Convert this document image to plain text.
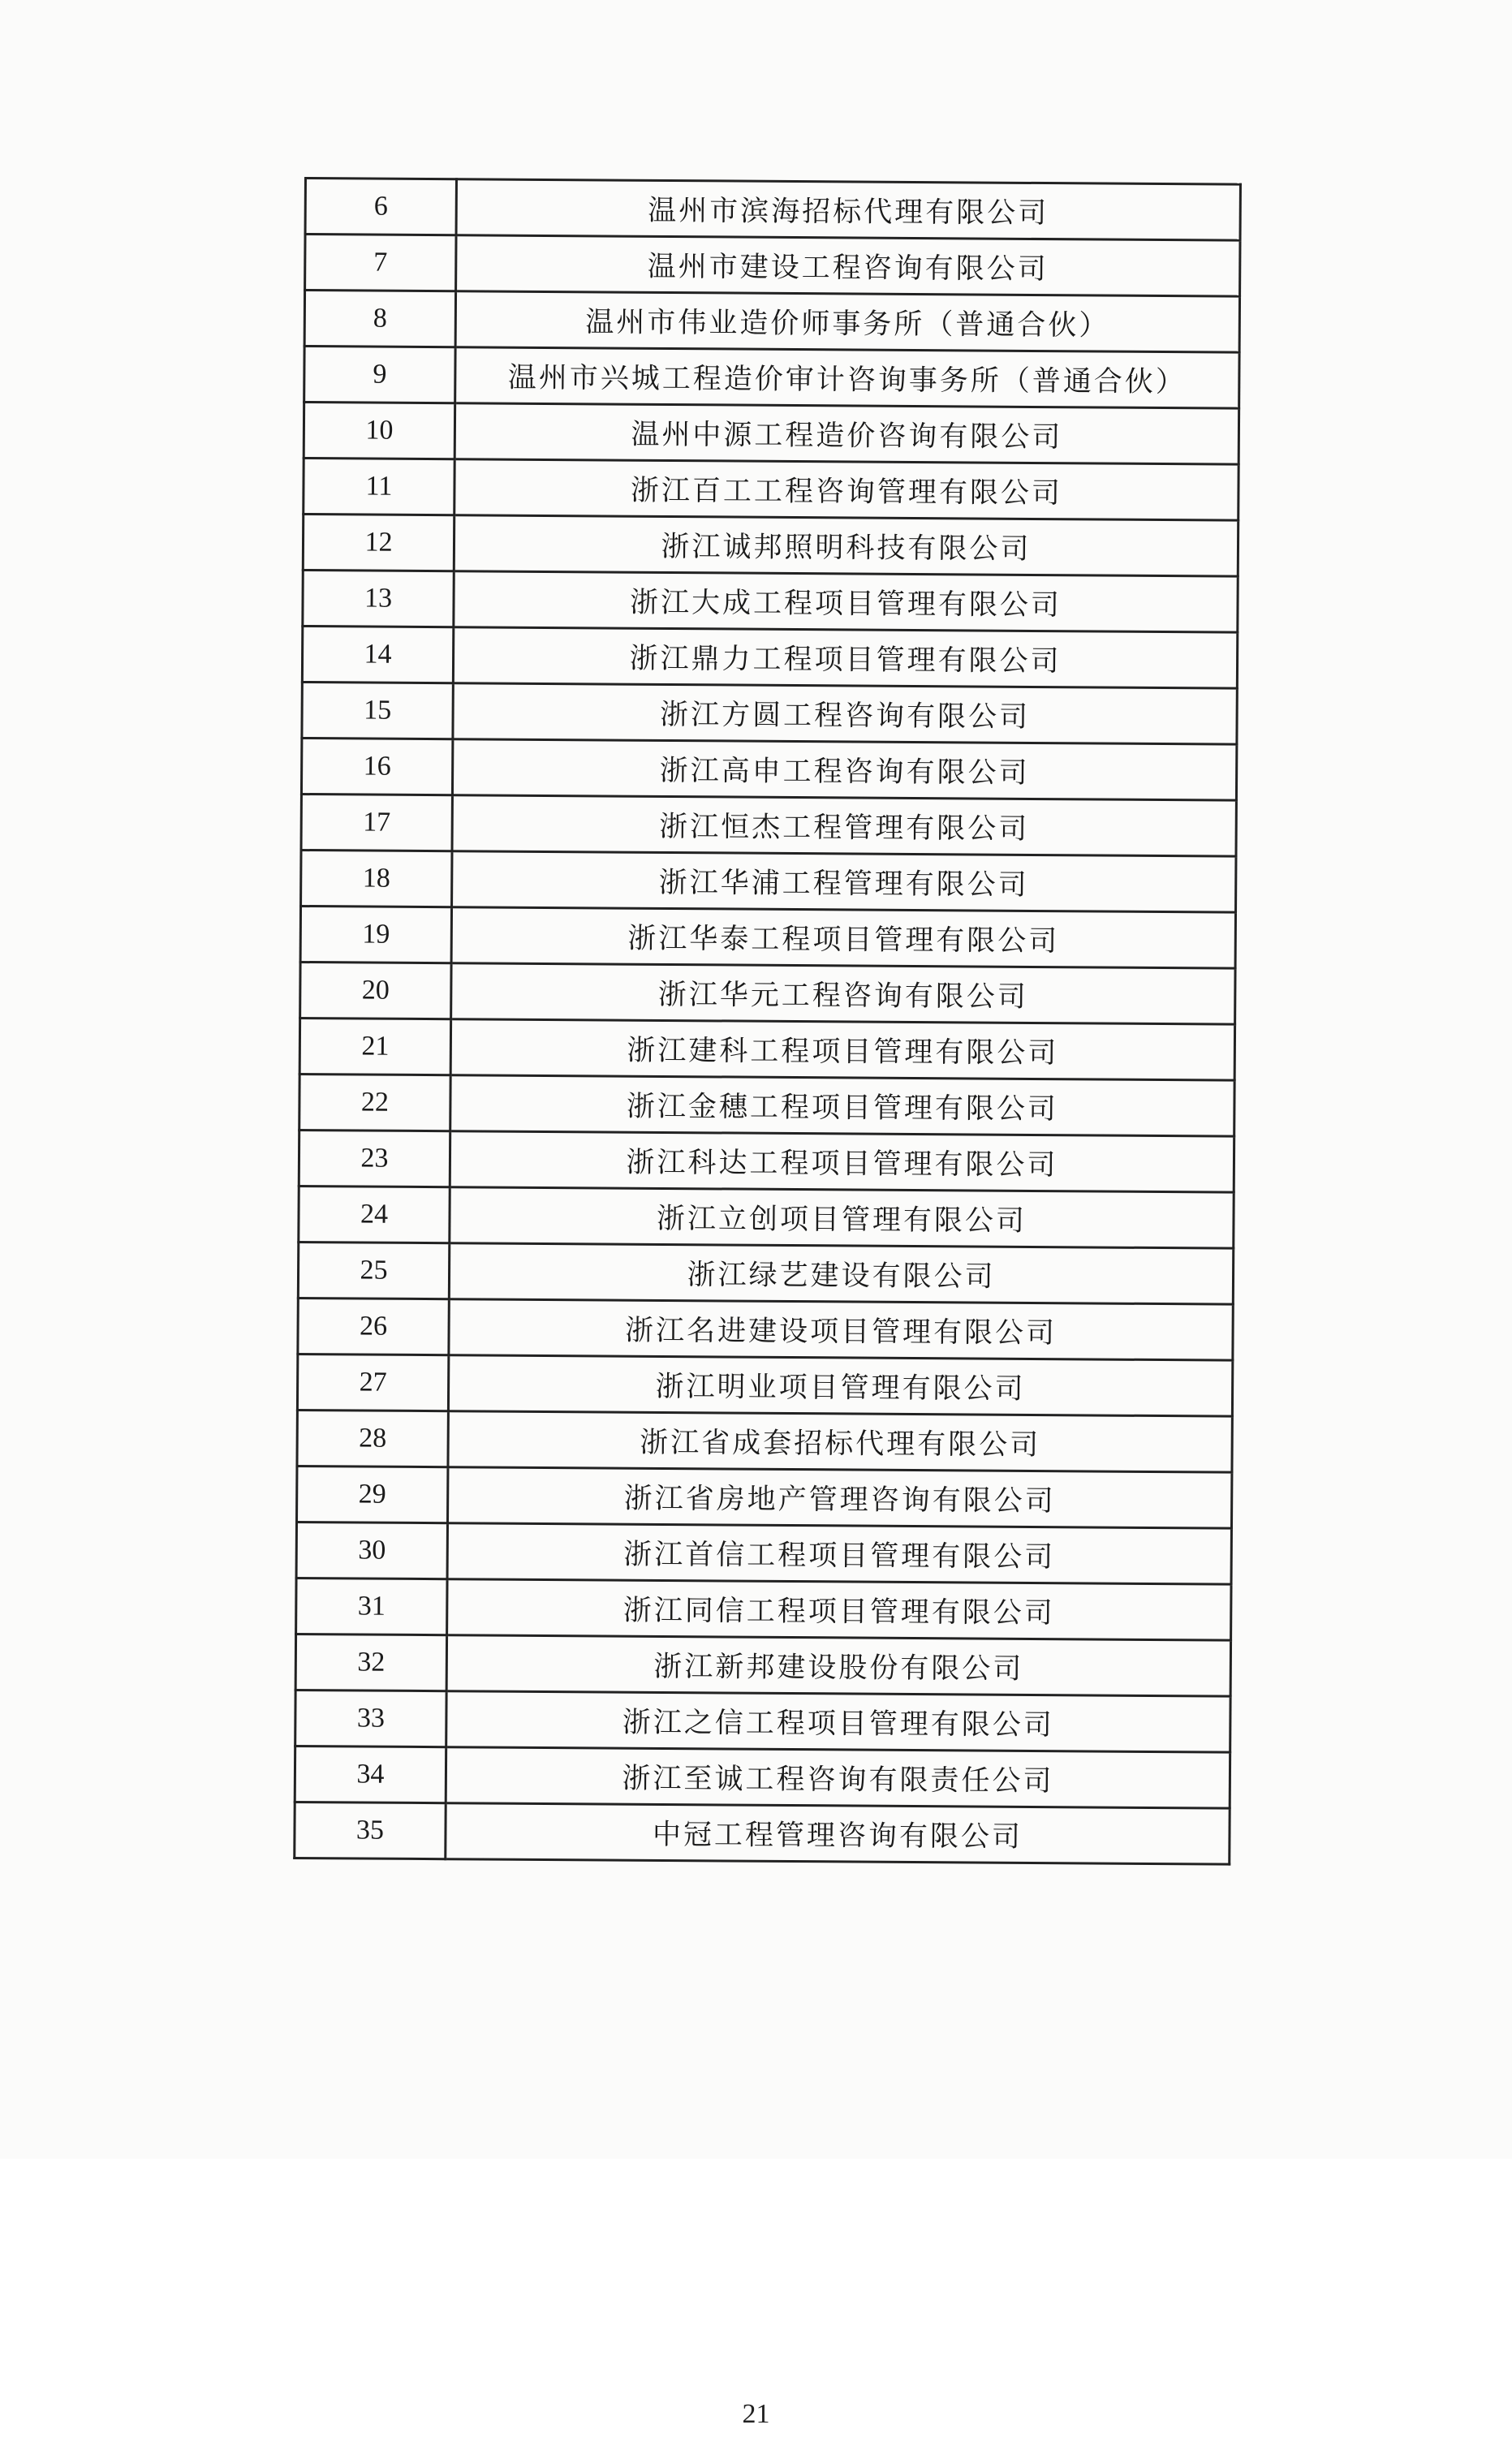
6	温州市滨海招标代理有限公司
7	温州市建设工程咨询有限公司
8	温州市伟业造价师事务所（普通合伙）
9	温州市兴城工程造价审计咨询事务所（普通合伙）
10	温州中源工程造价咨询有限公司
11	浙江百工工程咨询管理有限公司
12	浙江诚邦照明科技有限公司
13	浙江大成工程项目管理有限公司
14	浙江鼎力工程项目管理有限公司
15	浙江方圆工程咨询有限公司
16	浙江高申工程咨询有限公司
17	浙江恒杰工程管理有限公司
18	浙江华浦工程管理有限公司
19	浙江华泰工程项目管理有限公司
20	浙江华元工程咨询有限公司
21	浙江建科工程项目管理有限公司
22	浙江金穗工程项目管理有限公司
23	浙江科达工程项目管理有限公司
24	浙江立创项目管理有限公司
25	浙江绿艺建设有限公司
26	浙江名进建设项目管理有限公司
27	浙江明业项目管理有限公司
28	浙江省成套招标代理有限公司
29	浙江省房地产管理咨询有限公司
30	浙江首信工程项目管理有限公司
31	浙江同信工程项目管理有限公司
32	浙江新邦建设股份有限公司
33	浙江之信工程项目管理有限公司
34	浙江至诚工程咨询有限责任公司
35	中冠工程管理咨询有限公司
21
